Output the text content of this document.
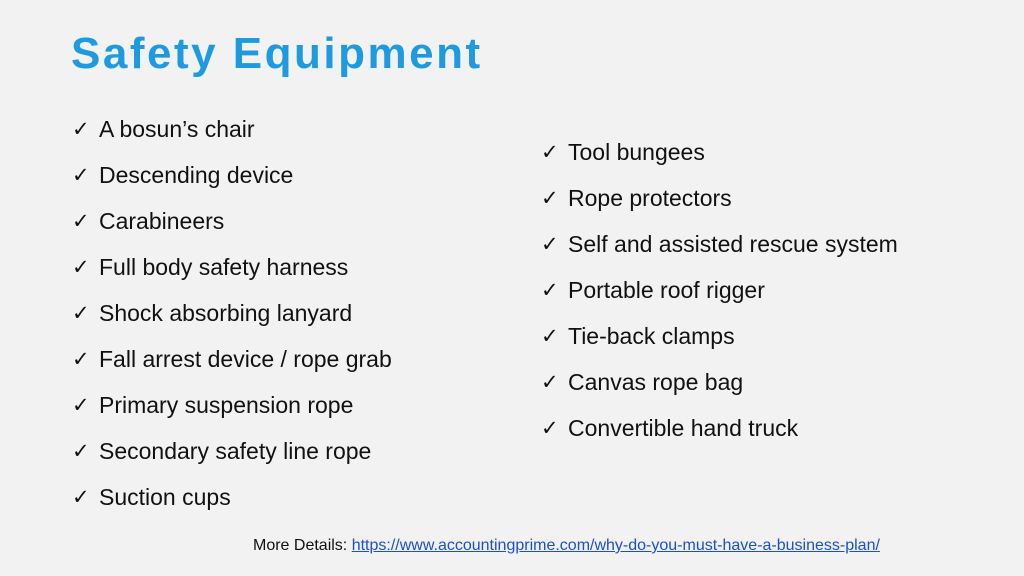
Safety Equipment
✓ A bosun’s chair
✓ Descending device
✓ Carabineers
✓ Full body safety harness
✓ Shock absorbing lanyard
✓ Fall arrest device / rope grab
✓ Primary suspension rope
✓ Secondary safety line rope
✓ Suction cups
✓ Tool bungees
✓ Rope protectors
✓ Self and assisted rescue system
✓ Portable roof rigger
✓ Tie-back clamps
✓ Canvas rope bag
✓ Convertible hand truck
More Details: https://www.accountingprime.com/why-do-you-must-have-a-business-plan/
